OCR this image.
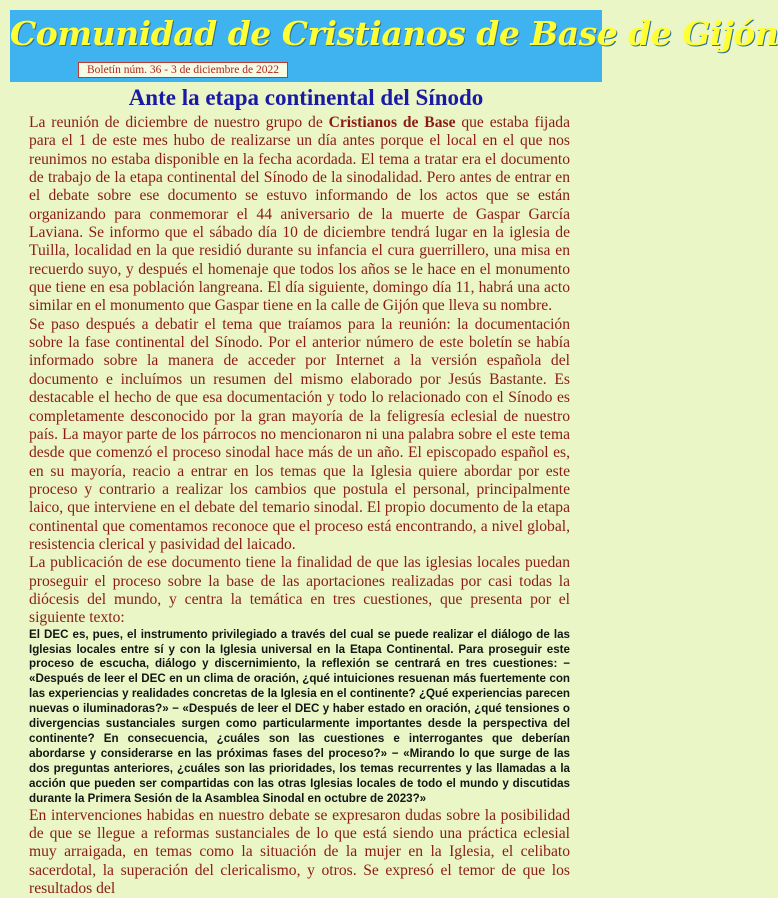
Comunidad de Cristianos de Base de Gijón
Boletín núm. 36 - 3 de diciembre de 2022
Ante la etapa continental del Sínodo

La reunión de diciembre de nuestro grupo de Cristianos de Base que estaba fijada para el 1 de este mes hubo de realizarse un día antes porque el local en el que nos reunimos no estaba disponible en la fecha acordada. El tema a tratar era el documento de trabajo de la etapa continental del Sínodo de la sinodalidad. Pero antes de entrar en el debate sobre ese documento se estuvo informando de los actos que se están organizando para conmemorar el 44 aniversario de la muerte de Gaspar García Laviana. Se informo que el sábado día 10 de diciembre tendrá lugar en la iglesia de Tuilla, localidad en la que residió durante su infancia el cura guerrillero, una misa en recuerdo suyo, y después el homenaje que todos los años se le hace en el monumento que tiene en esa población langreana. El día siguiente, domingo día 11, habrá una acto similar en el monumento que Gaspar tiene en la calle de Gijón que lleva su nombre.

Se paso después a debatir el tema que traíamos para la reunión: la documentación sobre la fase continental del Sínodo. Por el anterior número de este boletín se había informado sobre la manera de acceder por Internet a la versión española del documento e incluímos un resumen del mismo elaborado por Jesús Bastante. Es destacable el hecho de que esa documentación y todo lo relacionado con el Sínodo es completamente desconocido por la gran mayoría de la feligresía eclesial de nuestro país. La mayor parte de los párrocos no mencionaron ni una palabra sobre el este tema desde que comenzó el proceso sinodal hace más de un año. El episcopado español es, en su mayoría, reacio a entrar en los temas que la Iglesia quiere abordar por este proceso y contrario a realizar los cambios que postula el personal, principalmente laico, que interviene en el debate del temario sinodal. El propio documento de la etapa continental que comentamos reconoce que el proceso está encontrando, a nivel global, resistencia clerical y pasividad del laicado.

La publicación de ese documento tiene la finalidad de que las iglesias locales puedan proseguir el proceso sobre la base de las aportaciones realizadas por casi todas la diócesis del mundo, y centra la temática en tres cuestiones, que presenta por el siguiente texto:

El DEC es, pues, el instrumento privilegiado a través del cual se puede realizar el diálogo de las Iglesias locales entre sí y con la Iglesia universal en la Etapa Continental. Para proseguir este proceso de escucha, diálogo y discernimiento, la reflexión se centrará en tres cuestiones: − «Después de leer el DEC en un clima de oración, ¿qué intuiciones resuenan más fuertemente con las experiencias y realidades concretas de la Iglesia en el continente? ¿Qué experiencias parecen nuevas o iluminadoras?» − «Después de leer el DEC y haber estado en oración, ¿qué tensiones o divergencias sustanciales surgen como particularmente importantes desde la perspectiva del continente? En consecuencia, ¿cuáles son las cuestiones e interrogantes que deberían abordarse y considerarse en las próximas fases del proceso?» − «Mirando lo que surge de las dos preguntas anteriores, ¿cuáles son las prioridades, los temas recurrentes y las llamadas a la acción que pueden ser compartidas con las otras Iglesias locales de todo el mundo y discutidas durante la Primera Sesión de la Asamblea Sinodal en octubre de 2023?»

En intervenciones habidas en nuestro debate se expresaron dudas sobre la posibilidad de que se llegue a reformas sustanciales de lo que está siendo una práctica eclesial muy arraigada, en temas como la situación de la mujer en la Iglesia, el celibato sacerdotal, la superación del clericalismo, y otros. Se expresó el temor de que los resultados del
